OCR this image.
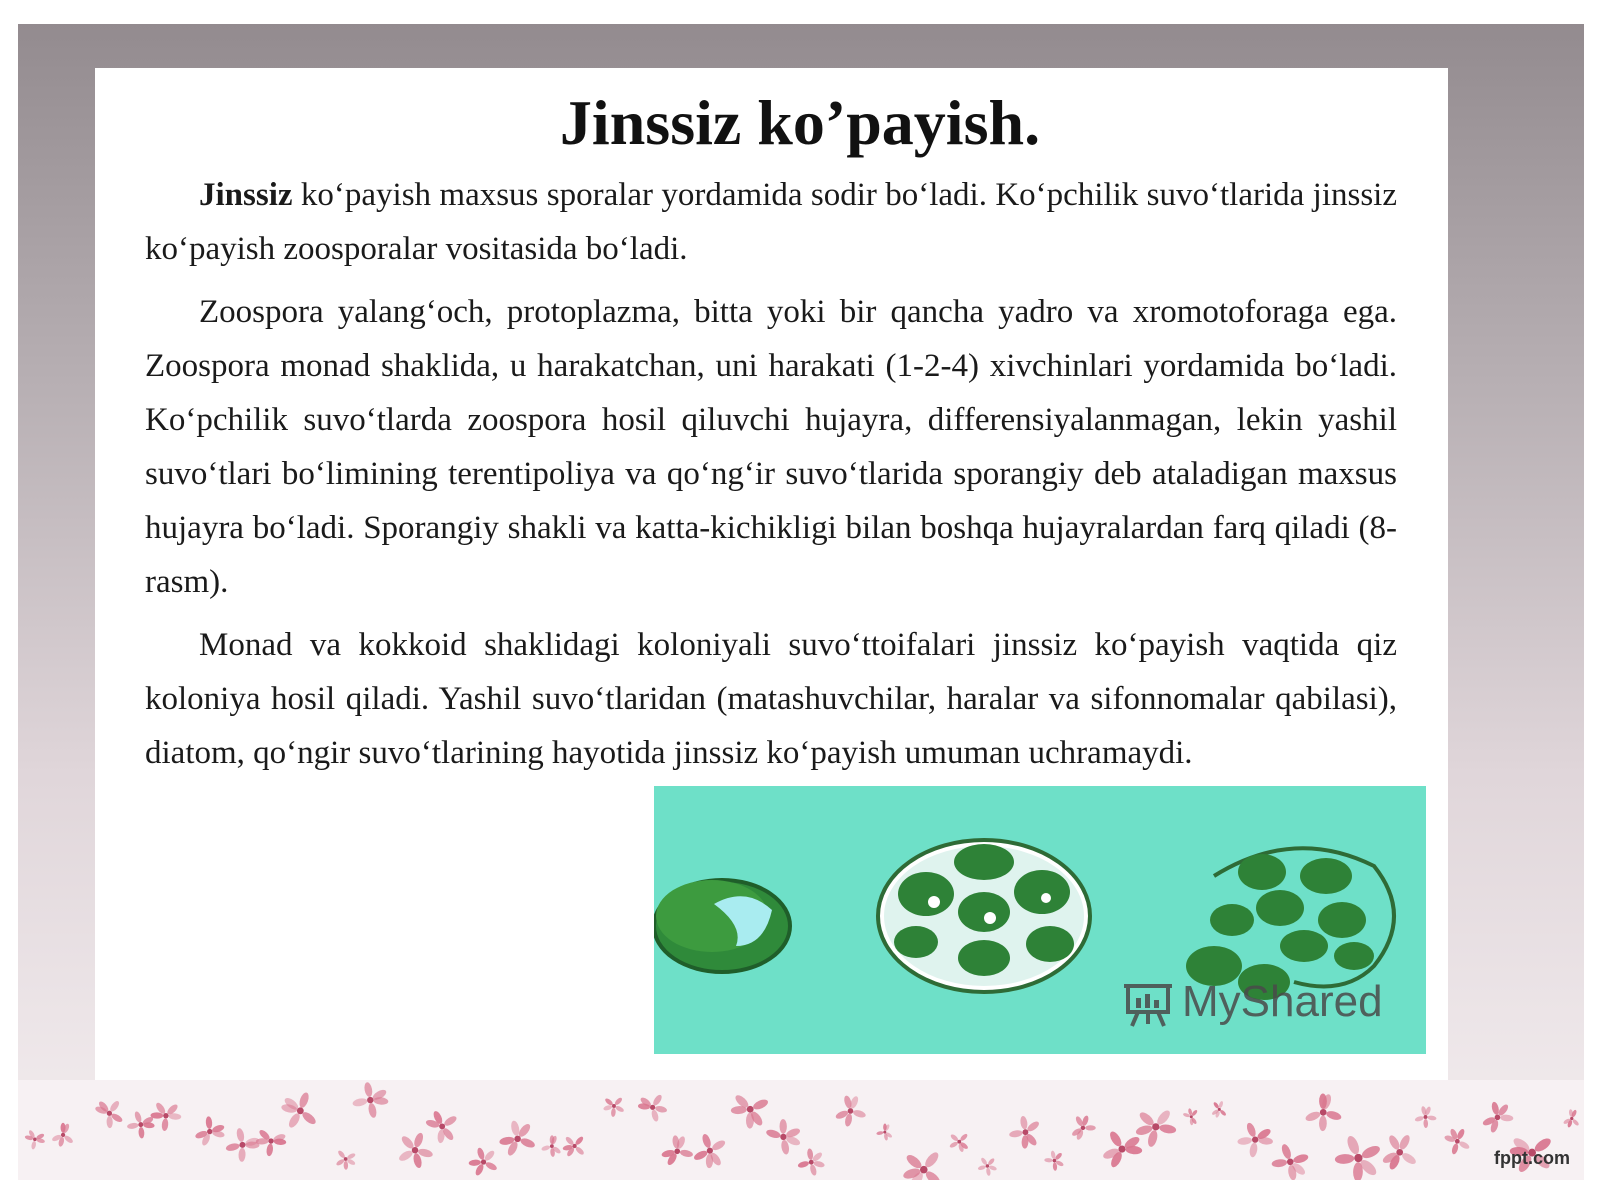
Jinssiz ko’payish.

Jinssiz ko‘payish maxsus sporalar yordamida sodir bo‘ladi. Ko‘pchilik suvo‘tlarida jinssiz ko‘payish zoosporalar vositasida bo‘ladi.

Zoospora yalang‘och, protoplazma, bitta yoki bir qancha yadro va xromotoforaga ega. Zoospora monad shaklida, u harakatchan, uni harakati (1-2-4) xivchinlari yordamida bo‘ladi. Ko‘pchilik suvo‘tlarda zoospora hosil qiluvchi hujayra, differensiyalanmagan, lekin yashil suvo‘tlari bo‘limining terentipoliya va qo‘ng‘ir suvo‘tlarida sporangiy deb ataladigan maxsus hujayra bo‘ladi. Sporangiy shakli va katta-kichikligi bilan boshqa hujayralardan farq qiladi (8-rasm).

Monad va kokkoid shaklidagi koloniyali suvo‘ttoifalari jinssiz ko‘payish vaqtida qiz koloniya hosil qiladi. Yashil suvo‘tlaridan (matashuvchilar, haralar va sifonnomalar qabilasi), diatom, qo‘ngir suvo‘tlarining hayotida jinssiz ko‘payish umuman uchramaydi.

MyShared
fppt.com
